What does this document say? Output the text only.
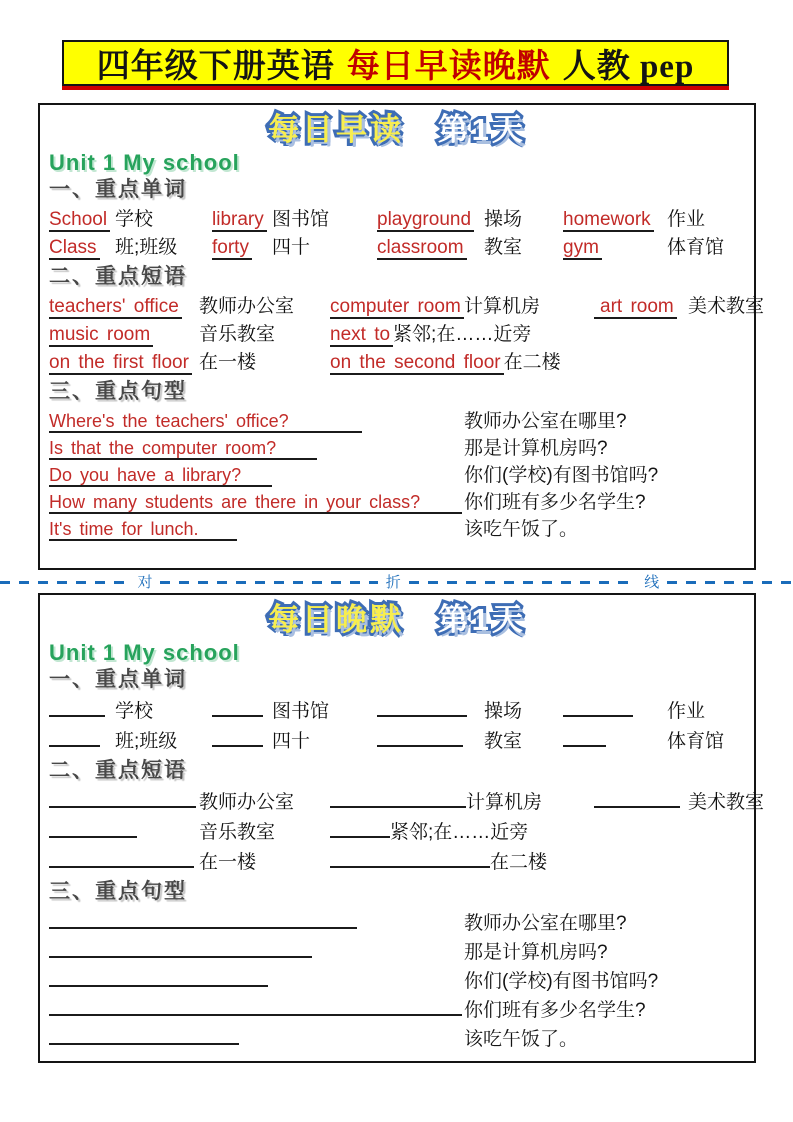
四年级下册英语 每日早读晚默 人教 pep
每日早读 第1天
Unit 1 My school
一、重点单词
School 学校	library 图书馆	playground 操场	homework 作业
Class 班;班级	forty	四十	classroom	教室	gym	体育馆
二、重点短语
teachers' office	教师办公室 computer room 计算机房	art room 美术教室
music room	音乐教室	next to 紧邻;在……近旁
on the first floor 在一楼	on the second floor 在二楼
三、重点句型
Where's the teachers' office?	教师办公室在哪里?
Is that the computer room?	那是计算机房吗?
Do you have a library?	你们(学校)有图书馆吗?
How many students are there in your class?	你们班有多少名学生?
It's time for lunch.	该吃午饭了。
对	折	线
每日晚默 第1天
Unit 1 My school
一、重点单词
学校	图书馆	操场	作业
班;班级	四十	教室	体育馆
二、重点短语
教师办公室	计算机房	美术教室
音乐教室	紧邻;在……近旁
在一楼	在二楼
三、重点句型
教师办公室在哪里?
那是计算机房吗?
你们(学校)有图书馆吗?
你们班有多少名学生?
该吃午饭了。
